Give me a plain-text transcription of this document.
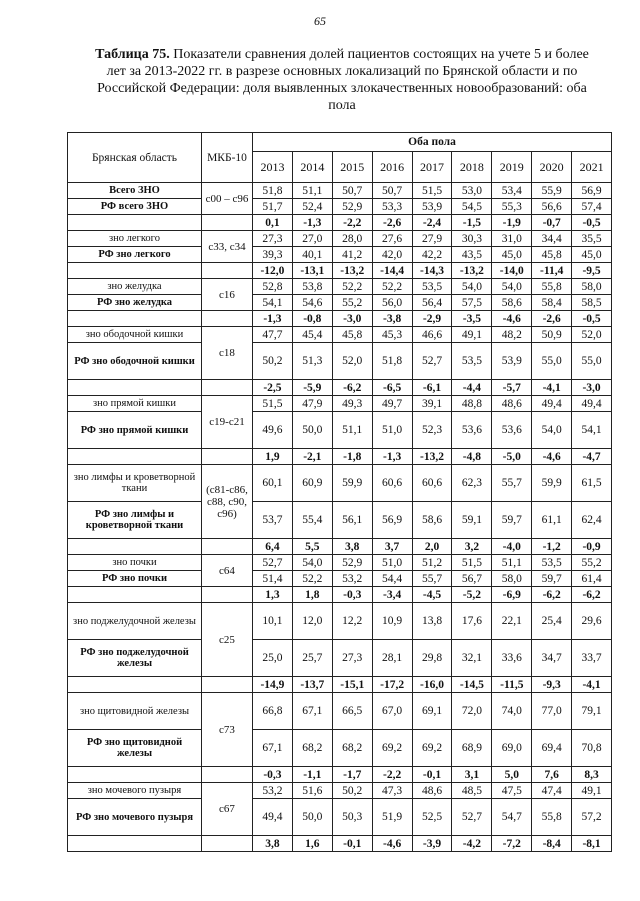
65
Таблица 75. Показатели сравнения долей пациентов состоящих на учете 5 и более лет за 2013-2022 гг. в разрезе основных локализаций по Брянской области и по Российской Федерации: доля выявленных злокачественных новообразований: оба пола
Брянская область	МКБ-10	Оба пола								
		2013	2014	2015	2016	2017	2018	2019	2020	2021
Всего ЗНО	с00 – с96	51,8	51,1	50,7	50,7	51,5	53,0	53,4	55,9	56,9
РФ всего ЗНО		51,7	52,4	52,9	53,3	53,9	54,5	55,3	56,6	57,4
		0,1	-1,3	-2,2	-2,6	-2,4	-1,5	-1,9	-0,7	-0,5
зно легкого	с33, с34	27,3	27,0	28,0	27,6	27,9	30,3	31,0	34,4	35,5
РФ зно легкого		39,3	40,1	41,2	42,0	42,2	43,5	45,0	45,8	45,0
		-12,0	-13,1	-13,2	-14,4	-14,3	-13,2	-14,0	-11,4	-9,5
зно желудка	с16	52,8	53,8	52,2	52,2	53,5	54,0	54,0	55,8	58,0
РФ зно желудка		54,1	54,6	55,2	56,0	56,4	57,5	58,6	58,4	58,5
		-1,3	-0,8	-3,0	-3,8	-2,9	-3,5	-4,6	-2,6	-0,5
зно ободочной кишки	с18	47,7	45,4	45,8	45,3	46,6	49,1	48,2	50,9	52,0
РФ зно ободочной кишки		50,2	51,3	52,0	51,8	52,7	53,5	53,9	55,0	55,0
		-2,5	-5,9	-6,2	-6,5	-6,1	-4,4	-5,7	-4,1	-3,0
зно прямой кишки	с19-с21	51,5	47,9	49,3	49,7	39,1	48,8	48,6	49,4	49,4
РФ зно прямой кишки		49,6	50,0	51,1	51,0	52,3	53,6	53,6	54,0	54,1
		1,9	-2,1	-1,8	-1,3	-13,2	-4,8	-5,0	-4,6	-4,7
зно лимфы и кроветворной ткани	(с81-с86, с88, с90, с96)	60,1	60,9	59,9	60,6	60,6	62,3	55,7	59,9	61,5
РФ зно лимфы и кроветворной ткани		53,7	55,4	56,1	56,9	58,6	59,1	59,7	61,1	62,4
		6,4	5,5	3,8	3,7	2,0	3,2	-4,0	-1,2	-0,9
зно почки	с64	52,7	54,0	52,9	51,0	51,2	51,5	51,1	53,5	55,2
РФ зно почки		51,4	52,2	53,2	54,4	55,7	56,7	58,0	59,7	61,4
		1,3	1,8	-0,3	-3,4	-4,5	-5,2	-6,9	-6,2	-6,2
зно поджелудочной железы	с25	10,1	12,0	12,2	10,9	13,8	17,6	22,1	25,4	29,6
РФ зно поджелудочной железы		25,0	25,7	27,3	28,1	29,8	32,1	33,6	34,7	33,7
		-14,9	-13,7	-15,1	-17,2	-16,0	-14,5	-11,5	-9,3	-4,1
зно щитовидной железы	с73	66,8	67,1	66,5	67,0	69,1	72,0	74,0	77,0	79,1
РФ зно щитовидной железы		67,1	68,2	68,2	69,2	69,2	68,9	69,0	69,4	70,8
		-0,3	-1,1	-1,7	-2,2	-0,1	3,1	5,0	7,6	8,3
зно мочевого пузыря	с67	53,2	51,6	50,2	47,3	48,6	48,5	47,5	47,4	49,1
РФ зно мочевого пузыря		49,4	50,0	50,3	51,9	52,5	52,7	54,7	55,8	57,2
		3,8	1,6	-0,1	-4,6	-3,9	-4,2	-7,2	-8,4	-8,1
